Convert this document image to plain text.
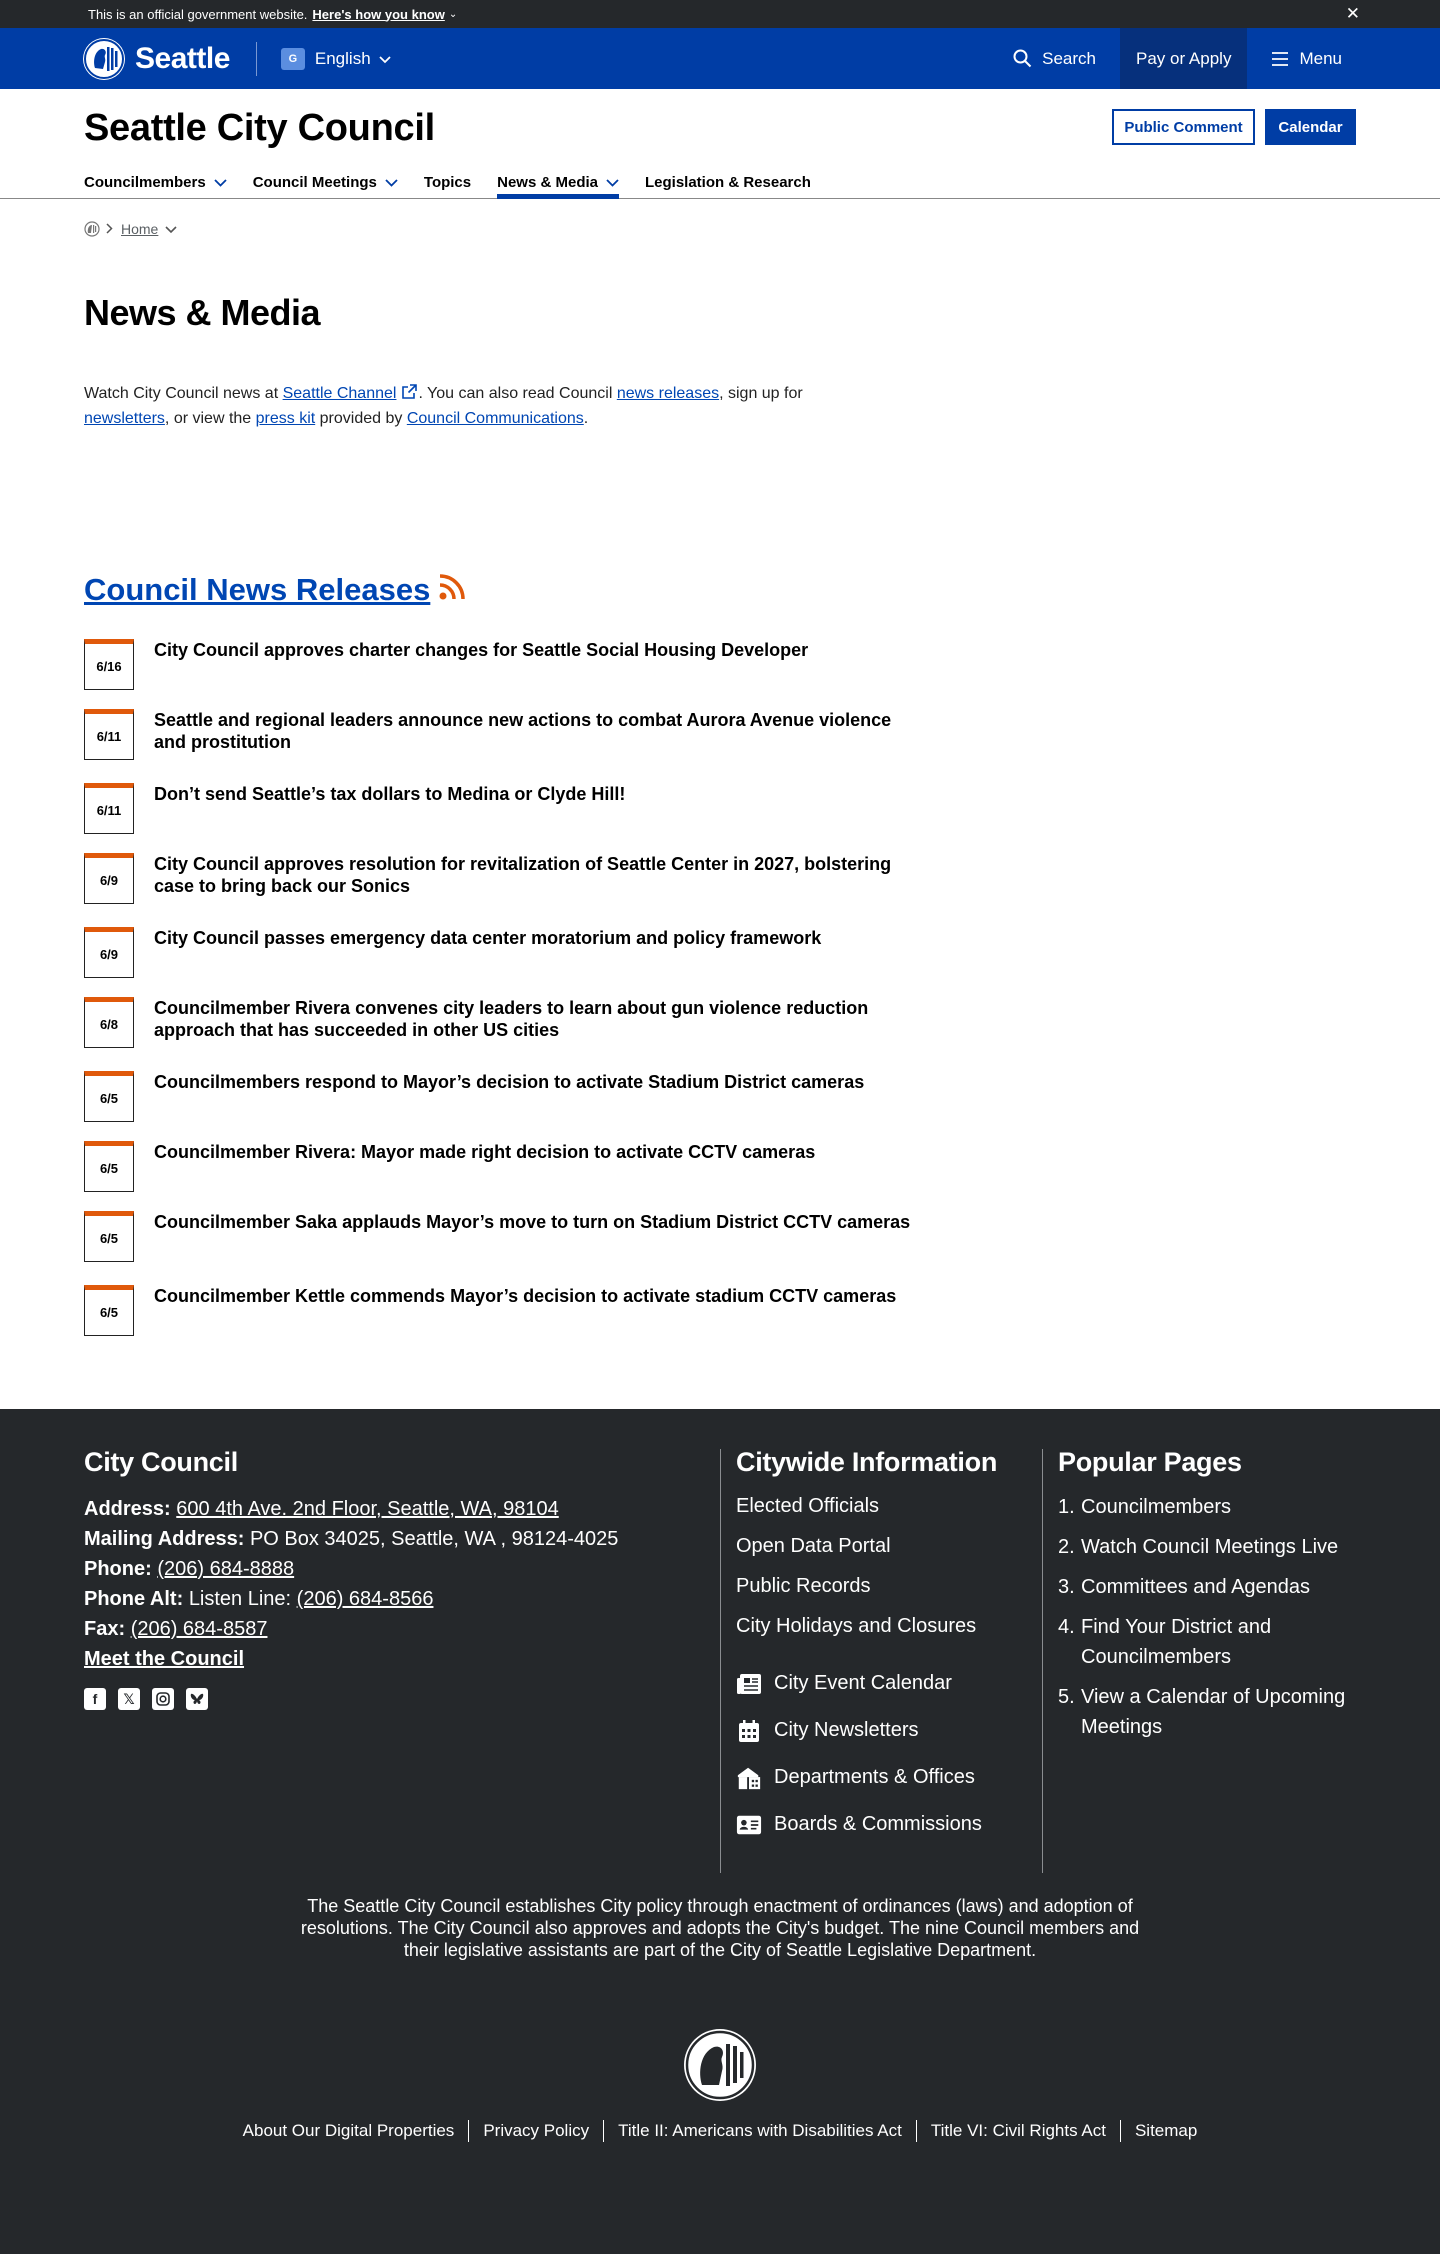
This is an official government website. Here's how you know ⌄	✕
Seattle	G	English	Search	Pay or Apply	Menu
Seattle City Council	Public Comment	Calendar
Councilmembers	Council Meetings	Topics News & Media	Legislation & Research
Home
News & Media

Watch City Council news at Seattle Channel . You can also read Council news releases, sign up for
newsletters, or view the press kit provided by Council Communications.

Council News Releases
6/16
City Council approves charter changes for Seattle Social Housing Developer
6/11
Seattle and regional leaders announce new actions to combat Aurora Avenue violence and prostitution
6/11
Don’t send Seattle’s tax dollars to Medina or Clyde Hill!
6/9
City Council approves resolution for revitalization of Seattle Center in 2027, bolstering case to bring back our Sonics
6/9
City Council passes emergency data center moratorium and policy framework
6/8
Councilmember Rivera convenes city leaders to learn about gun violence reduction approach that has succeeded in other US cities
6/5
Councilmembers respond to Mayor’s decision to activate Stadium District cameras
6/5
Councilmember Rivera: Mayor made right decision to activate CCTV cameras
6/5
Councilmember Saka applauds Mayor’s move to turn on Stadium District CCTV cameras
6/5
Councilmember Kettle commends Mayor’s decision to activate stadium CCTV cameras
City Council
Address: 600 4th Ave. 2nd Floor, Seattle, WA, 98104
Mailing Address: PO Box 34025, Seattle, WA , 98124-4025
Phone: (206) 684-8888
Phone Alt: Listen Line: (206) 684-8566
Fax: (206) 684-8587
Meet the Council
f	𝕏
Citywide Information
Elected Officials
Open Data Portal
Public Records
City Holidays and Closures
City Event Calendar
City Newsletters
Departments & Offices
Boards & Commissions
Popular Pages
1. Councilmembers
2. Watch Council Meetings Live
3. Committees and Agendas
4. Find Your District and Councilmembers
5. View a Calendar of Upcoming Meetings

The Seattle City Council establishes City policy through enactment of ordinances (laws) and adoption of resolutions. The City Council also approves and adopts the City's budget. The nine Council members and their legislative assistants are part of the City of Seattle Legislative Department.

About Our Digital Properties	Privacy Policy	Title II: Americans with Disabilities Act	Title VI: Civil Rights Act	Sitemap
